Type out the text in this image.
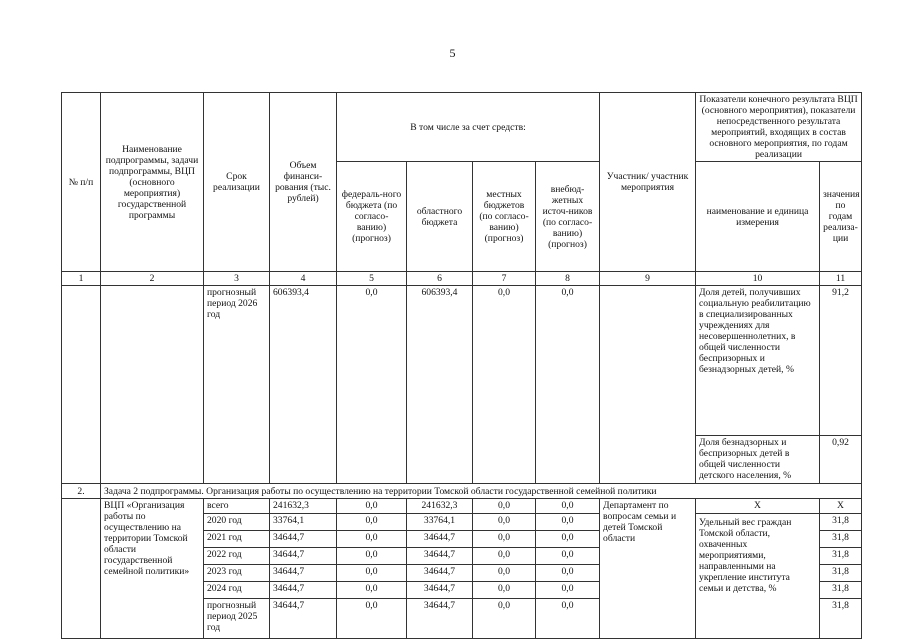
5
№ п/п	Наименование подпрограммы, задачи подпрограммы, ВЦП (основного мероприятия) государственной программы	Срок реализации	Объем финанси-рования (тыс. рублей)	В том числе за счет средств:				Участник/ участник мероприятия	Показатели конечного результата ВЦП (основного мероприятия), показатели непосредственного результата мероприятий, входящих в состав основного мероприятия, по годам реализации	
				федераль-ного бюджета (по согласо-ванию) (прогноз)	областного бюджета	местных бюджетов (по согласо-ванию) (прогноз)	внебюд-жетных источ-ников (по согласо-ванию) (прогноз)		наименование и единица измерения	значения по годам реализа-ции
1	2	3	4	5	6	7	8	9	10	11
		прогнозный период 2026 год	606393,4	0,0	606393,4	0,0	0,0		Доля детей, получивших социальную реабилитацию в специализированных учреждениях для несовершеннолетних, в общей численности беспризорных и безнадзорных детей, %	91,2
									Доля безнадзорных и беспризорных детей в общей численности детского населения, %	0,92
2.	Задача 2 подпрограммы. Организация работы по осуществлению на территории Томской области государственной семейной политики									
	ВЦП «Организация работы по осуществлению на территории Томской области государственной семейной политики»	всего	241632,3	0,0	241632,3	0,0	0,0	Департамент по вопросам семьи и детей Томской области	Х	Х
		2020 год	33764,1	0,0	33764,1	0,0	0,0		Удельный вес граждан Томской области, охваченных мероприятиями, направленными на укрепление института семьи и детства, %	31,8
		2021 год	34644,7	0,0	34644,7	0,0	0,0			31,8
		2022 год	34644,7	0,0	34644,7	0,0	0,0			31,8
		2023 год	34644,7	0,0	34644,7	0,0	0,0			31,8
		2024 год	34644,7	0,0	34644,7	0,0	0,0			31,8
		прогнозный период 2025 год	34644,7	0,0	34644,7	0,0	0,0			31,8
